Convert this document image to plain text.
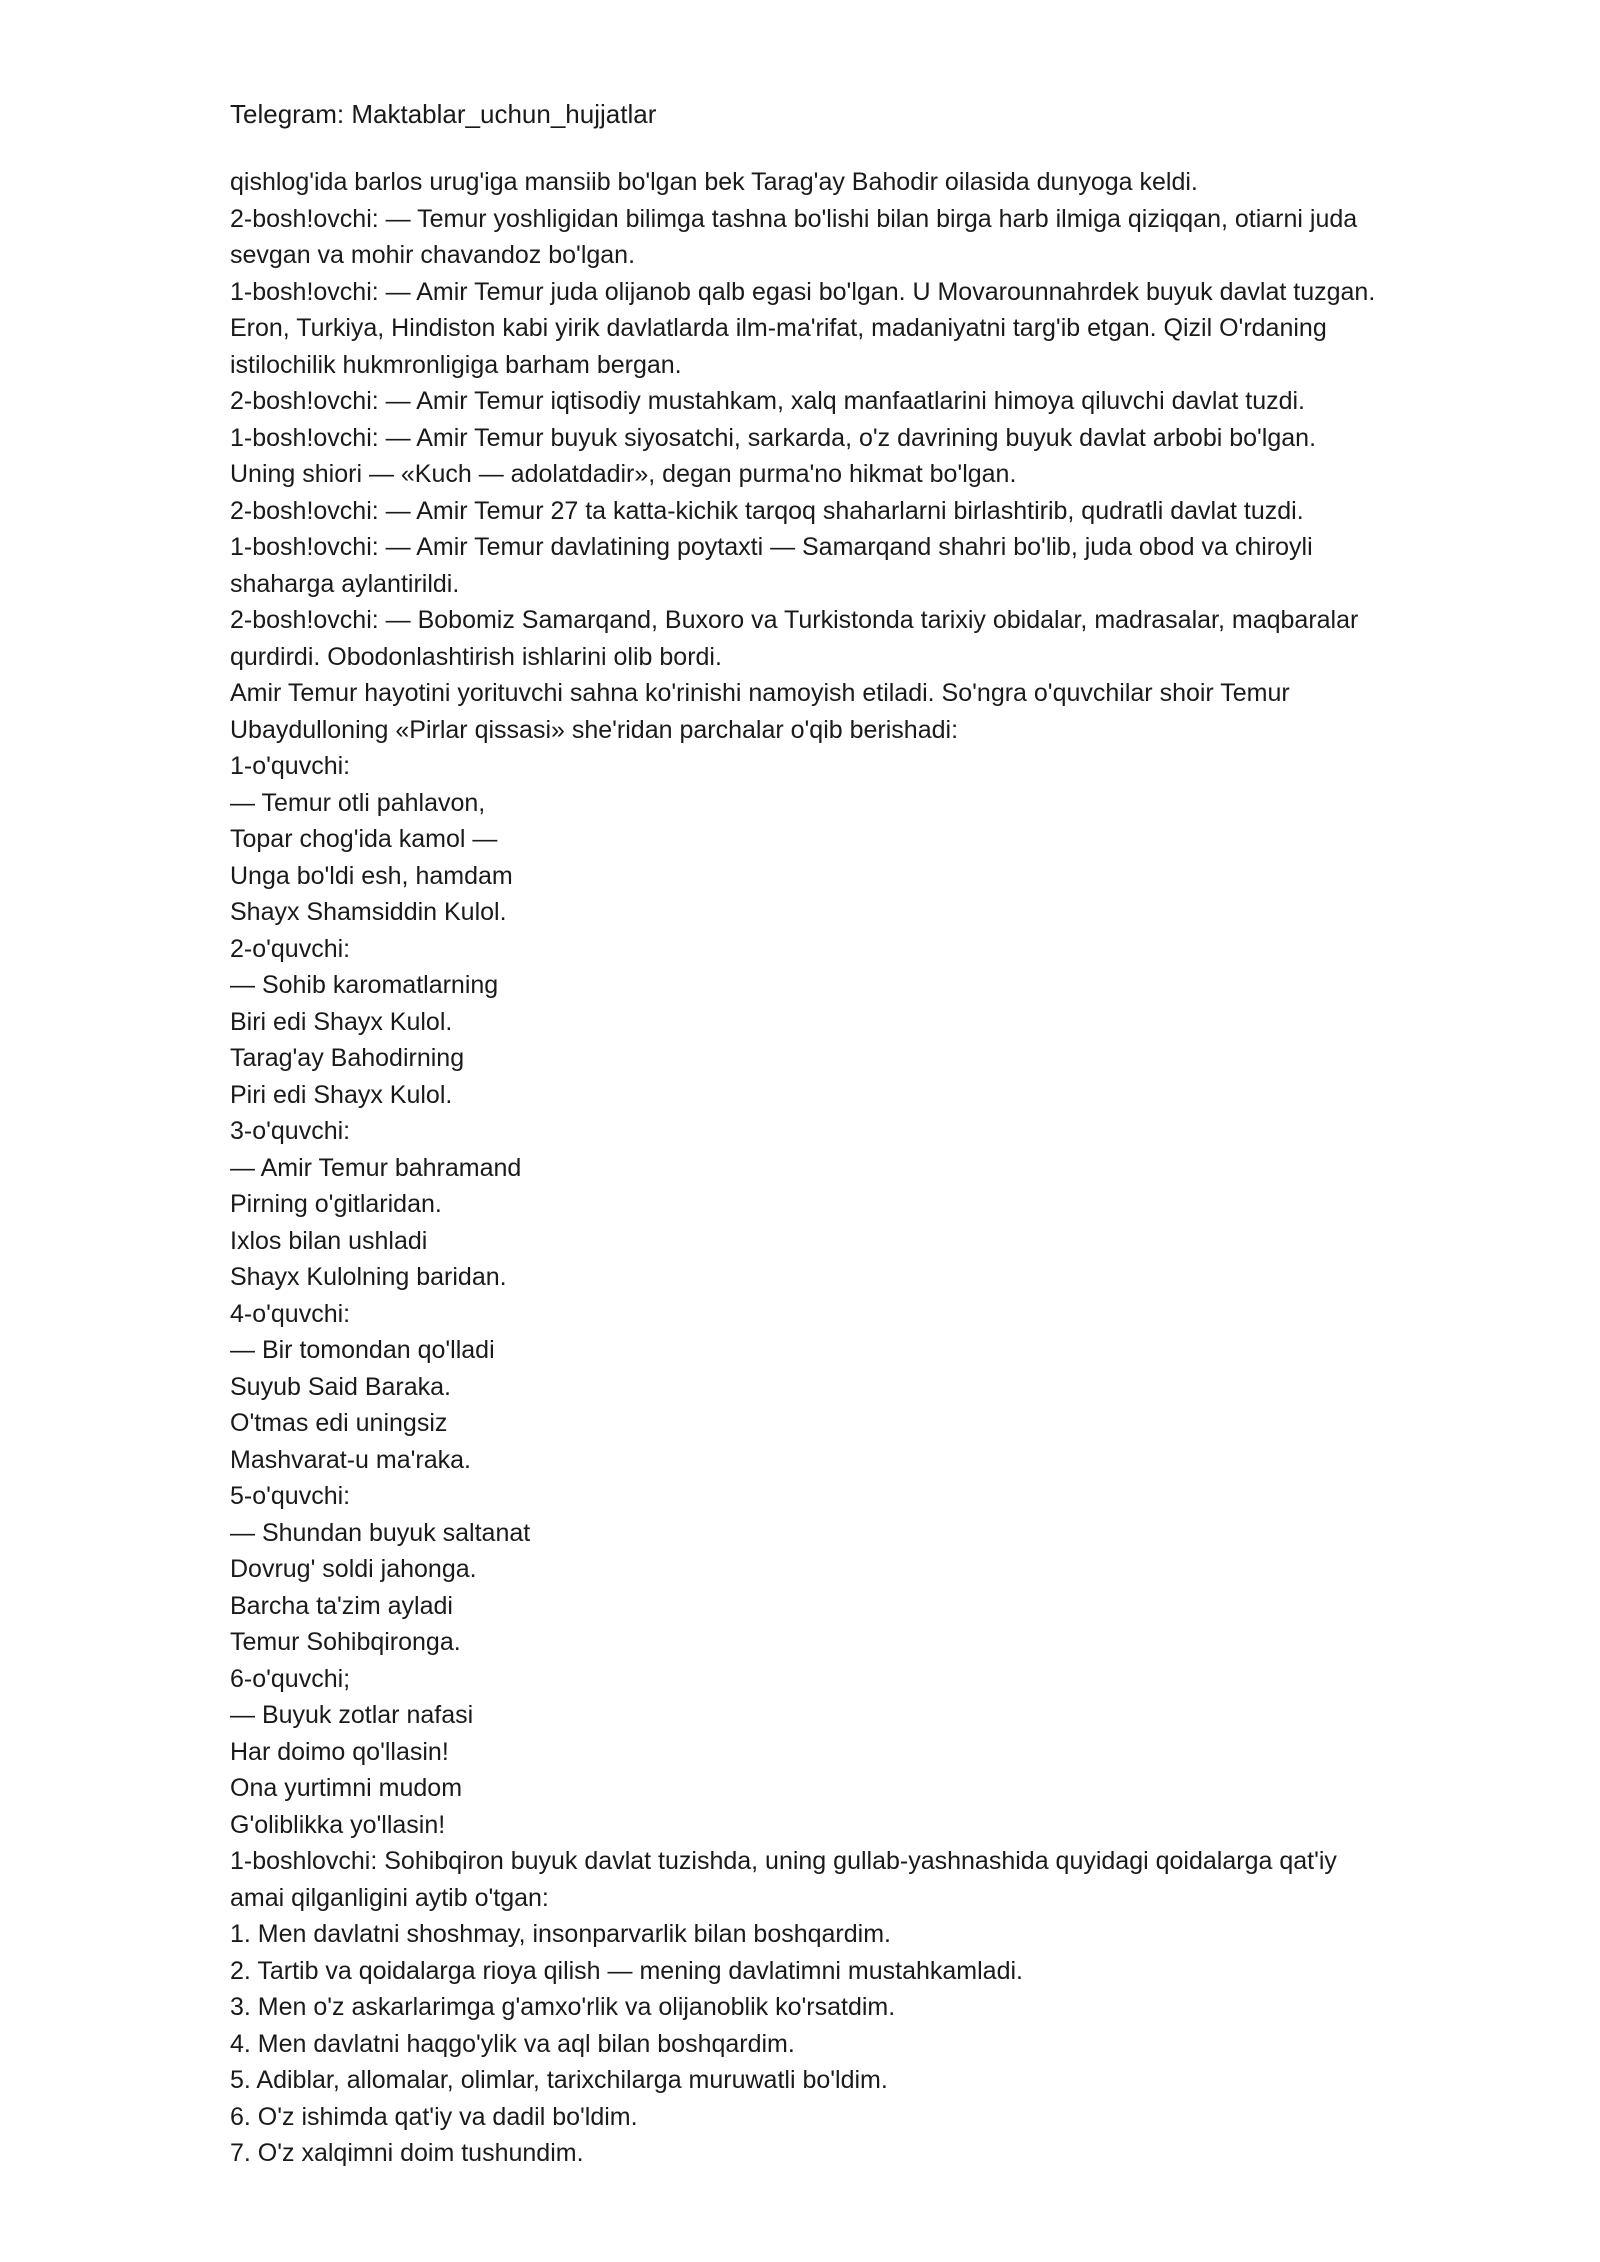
Telegram: Maktablar_uchun_hujjatlar
qishlog'ida barlos urug'iga mansiib bo'lgan bek Tarag'ay Bahodir oilasida dunyoga keldi.
2-bosh!ovchi: — Temur yoshligidan bilimga tashna bo'lishi bilan birga harb ilmiga qiziqqan, otiarni juda
sevgan va mohir chavandoz bo'lgan.
1-bosh!ovchi: — Amir Temur juda olijanob qalb egasi bo'lgan. U Movarounnahrdek buyuk davlat tuzgan.
Eron, Turkiya, Hindiston kabi yirik davlatlarda ilm-ma'rifat, madaniyatni targ'ib etgan. Qizil O'rdaning
istilochilik hukmronligiga barham bergan.
2-bosh!ovchi: — Amir Temur iqtisodiy mustahkam, xalq manfaatlarini himoya qiluvchi davlat tuzdi.
1-bosh!ovchi: — Amir Temur buyuk siyosatchi, sarkarda, o'z davrining buyuk davlat arbobi bo'lgan.
Uning shiori — «Kuch — adolatdadir», degan purma'no hikmat bo'lgan.
2-bosh!ovchi: — Amir Temur 27 ta katta-kichik tarqoq shaharlarni birlashtirib, qudratli davlat tuzdi.
1-bosh!ovchi: — Amir Temur davlatining poytaxti — Samarqand shahri bo'lib, juda obod va chiroyli
shaharga aylantirildi.
2-bosh!ovchi: — Bobomiz Samarqand, Buxoro va Turkistonda tarixiy obidalar, madrasalar, maqbaralar
qurdirdi. Obodonlashtirish ishlarini olib bordi.
Amir Temur hayotini yorituvchi sahna ko'rinishi namoyish etiladi. So'ngra o'quvchilar shoir Temur
Ubaydulloning «Pirlar qissasi» she'ridan parchalar o'qib berishadi:
1-o'quvchi:
— Temur otli pahlavon,
Topar chog'ida kamol —
Unga bo'ldi esh, hamdam
Shayx Shamsiddin Kulol.
2-o'quvchi:
— Sohib karomatlarning
Biri edi Shayx Kulol.
Tarag'ay Bahodirning
Piri edi Shayx Kulol.
3-o'quvchi:
— Amir Temur bahramand
Pirning o'gitlaridan.
Ixlos bilan ushladi
Shayx Kulolning baridan.
4-o'quvchi:
— Bir tomondan qo'lladi
Suyub Said Baraka.
O'tmas edi uningsiz
Mashvarat-u ma'raka.
5-o'quvchi:
— Shundan buyuk saltanat
Dovrug' soldi jahonga.
Barcha ta'zim ayladi
Temur Sohibqironga.
6-o'quvchi;
— Buyuk zotlar nafasi
Har doimo qo'llasin!
Ona yurtimni mudom
G'oliblikka yo'llasin!
1-boshlovchi: Sohibqiron buyuk davlat tuzishda, uning gullab-yashnashida quyidagi qoidalarga qat'iy
amai qilganligini aytib o'tgan:
1. Men davlatni shoshmay, insonparvarlik bilan boshqardim.
2. Tartib va qoidalarga rioya qilish — mening davlatimni mustahkamladi.
3. Men o'z askarlarimga g'amxo'rlik va olijanoblik ko'rsatdim.
4. Men davlatni haqgo'ylik va aql bilan boshqardim.
5. Adiblar, allomalar, olimlar, tarixchilarga muruwatli bo'ldim.
6. O'z ishimda qat'iy va dadil bo'ldim.
7. O'z xalqimni doim tushundim.
